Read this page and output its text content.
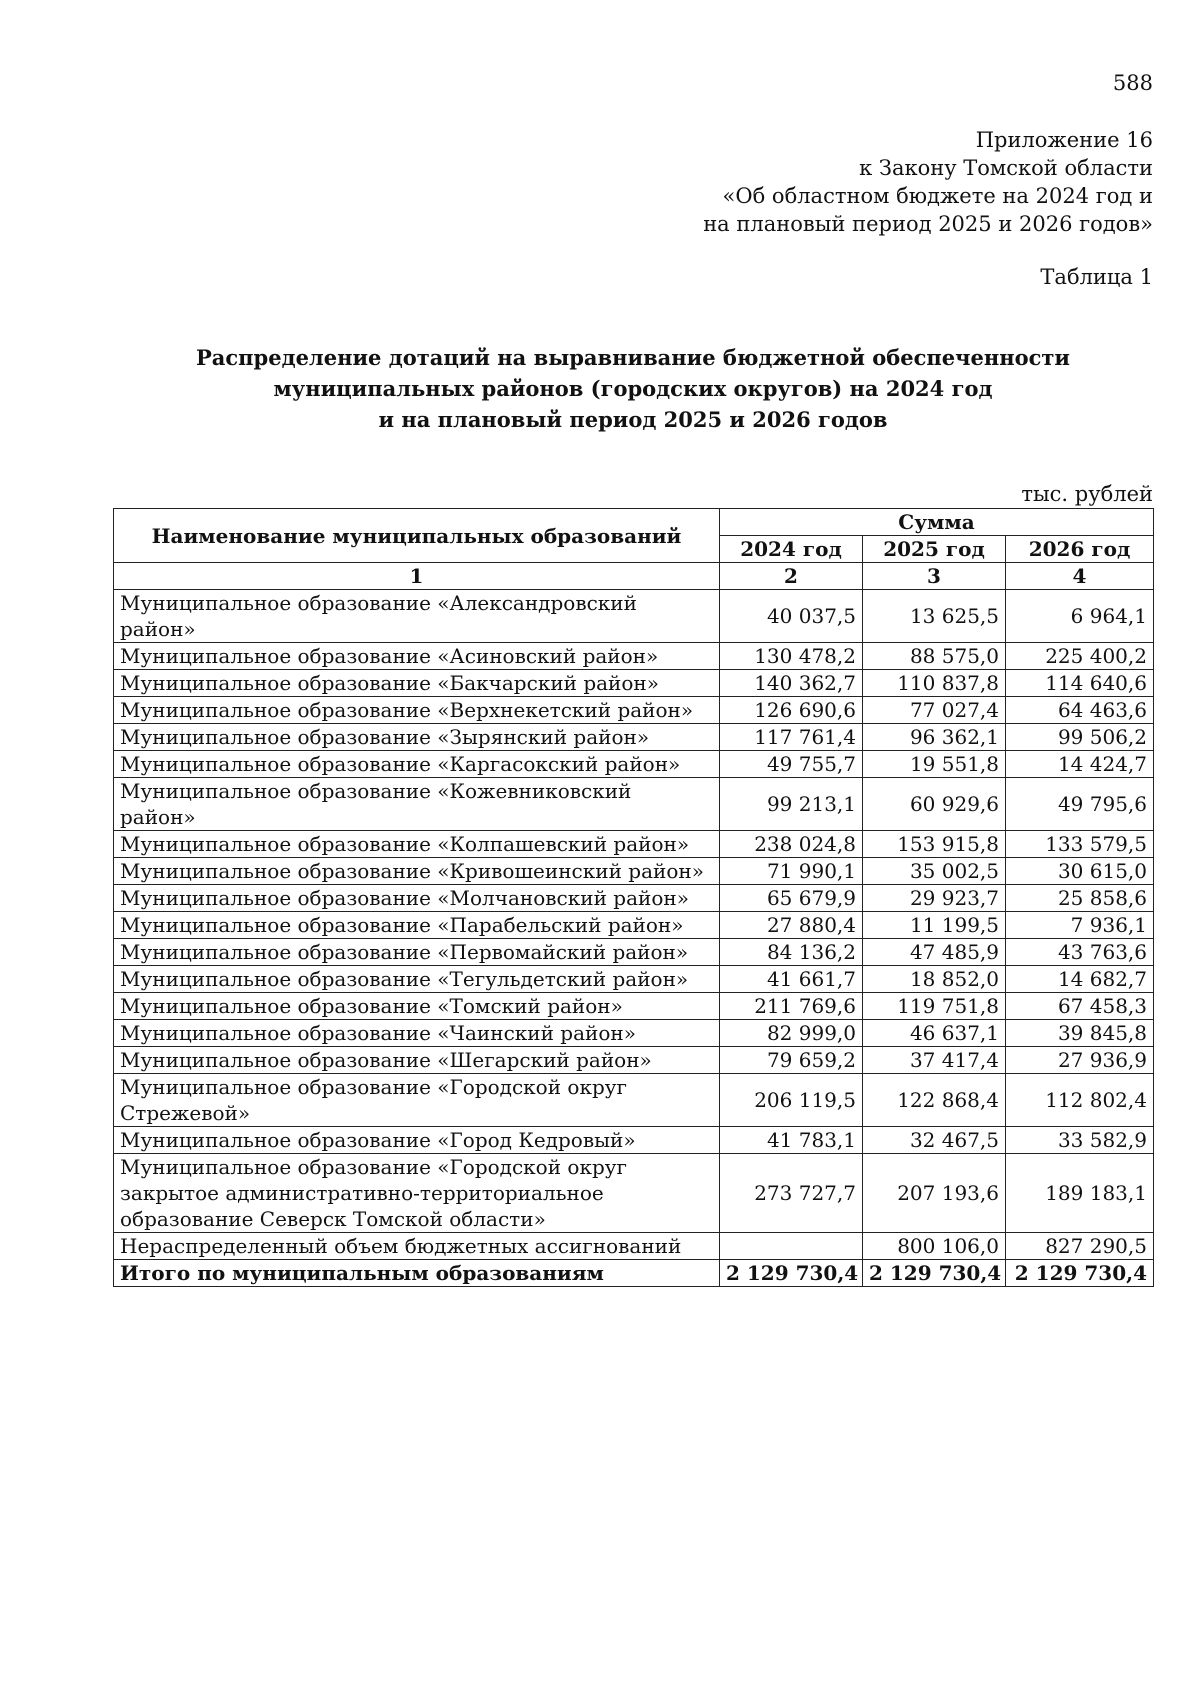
588
Приложение 16
к Закону Томской области
«Об областном бюджете на 2024 год и
на плановый период 2025 и 2026 годов»
Таблица 1
Распределение дотаций на выравнивание бюджетной обеспеченности
муниципальных районов (городских округов) на 2024 год
и на плановый период 2025 и 2026 годов
тыс. рублей
Наименование муниципальных образований	Сумма		
	2024 год	2025 год	2026 год
1	2	3	4
Муниципальное образование «Александровский район»	40 037,5	13 625,5	6 964,1
Муниципальное образование «Асиновский район»	130 478,2	88 575,0	225 400,2
Муниципальное образование «Бакчарский район»	140 362,7	110 837,8	114 640,6
Муниципальное образование «Верхнекетский район»	126 690,6	77 027,4	64 463,6
Муниципальное образование «Зырянский район»	117 761,4	96 362,1	99 506,2
Муниципальное образование «Каргасокский район»	49 755,7	19 551,8	14 424,7
Муниципальное образование «Кожевниковский район»	99 213,1	60 929,6	49 795,6
Муниципальное образование «Колпашевский район»	238 024,8	153 915,8	133 579,5
Муниципальное образование «Кривошеинский район»	71 990,1	35 002,5	30 615,0
Муниципальное образование «Молчановский район»	65 679,9	29 923,7	25 858,6
Муниципальное образование «Парабельский район»	27 880,4	11 199,5	7 936,1
Муниципальное образование «Первомайский район»	84 136,2	47 485,9	43 763,6
Муниципальное образование «Тегульдетский район»	41 661,7	18 852,0	14 682,7
Муниципальное образование «Томский район»	211 769,6	119 751,8	67 458,3
Муниципальное образование «Чаинский район»	82 999,0	46 637,1	39 845,8
Муниципальное образование «Шегарский район»	79 659,2	37 417,4	27 936,9
Муниципальное образование «Городской округ Стрежевой»	206 119,5	122 868,4	112 802,4
Муниципальное образование «Город Кедровый»	41 783,1	32 467,5	33 582,9
Муниципальное образование «Городской округ закрытое административно-территориальное образование Северск Томской области»	273 727,7	207 193,6	189 183,1
Нераспределенный объем бюджетных ассигнований		800 106,0	827 290,5
Итого по муниципальным образованиям	2 129 730,4	2 129 730,4	2 129 730,4
